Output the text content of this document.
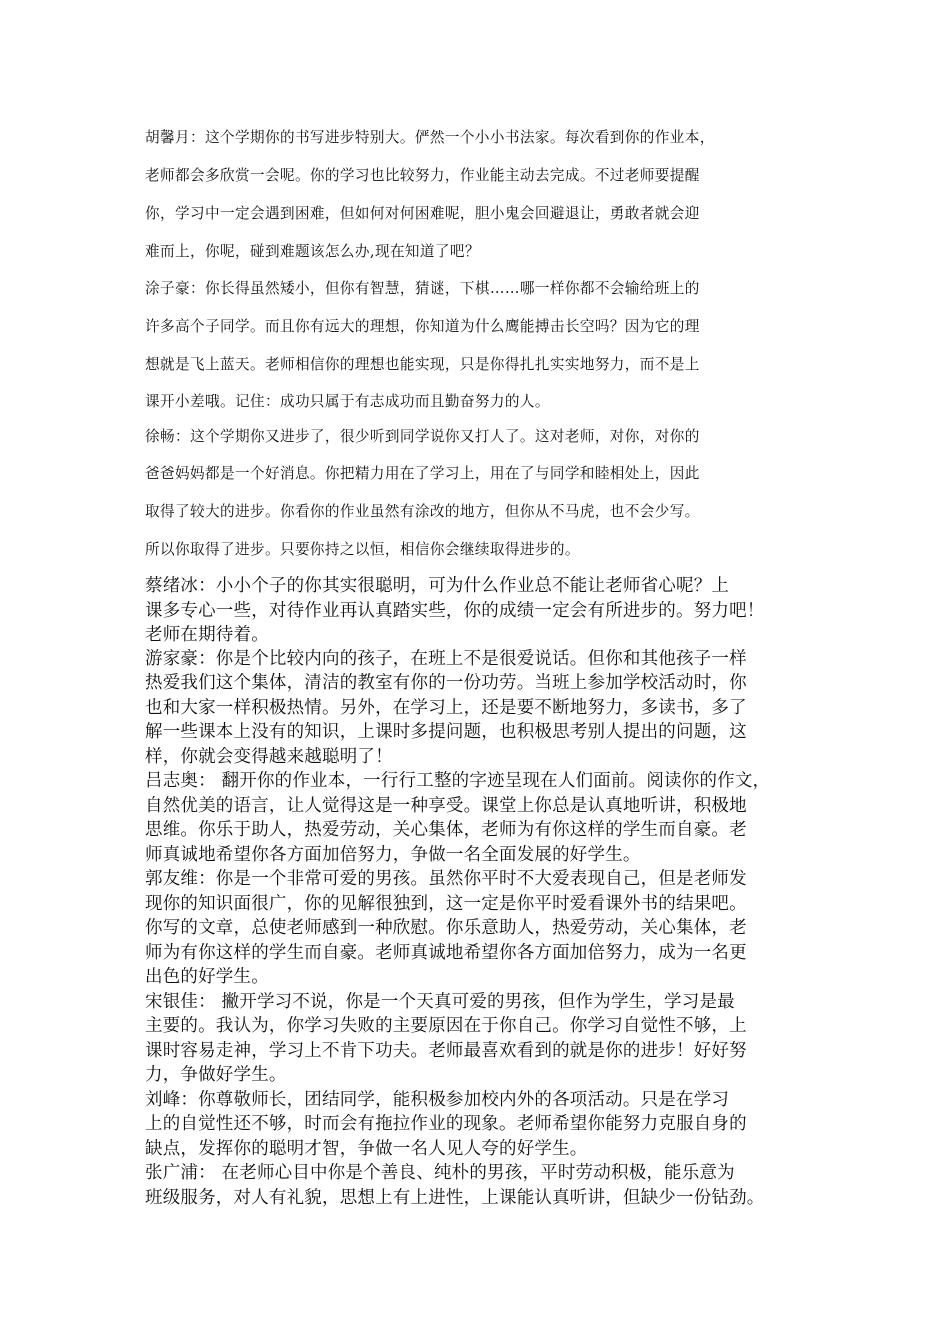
胡馨月：这个学期你的书写进步特别大。俨然一个小小书法家。每次看到你的作业本，

老师都会多欣赏一会呢。你的学习也比较努力，作业能主动去完成。不过老师要提醒

你，学习中一定会遇到困难，但如何对何困难呢，胆小鬼会回避退让，勇敢者就会迎

难而上，你呢，碰到难题该怎么办,现在知道了吧？

涂子豪：你长得虽然矮小，但你有智慧，猜谜，下棋……哪一样你都不会输给班上的

许多高个子同学。而且你有远大的理想，你知道为什么鹰能搏击长空吗？因为它的理

想就是飞上蓝天。老师相信你的理想也能实现，只是你得扎扎实实地努力，而不是上

课开小差哦。记住：成功只属于有志成功而且勤奋努力的人。

徐畅：这个学期你又进步了，很少听到同学说你又打人了。这对老师，对你，对你的

爸爸妈妈都是一个好消息。你把精力用在了学习上，用在了与同学和睦相处上，因此

取得了较大的进步。你看你的作业虽然有涂改的地方，但你从不马虎，也不会少写。

所以你取得了进步。只要你持之以恒，相信你会继续取得进步的。

蔡绪冰：小小个子的你其实很聪明，可为什么作业总不能让老师省心呢？上

课多专心一些，对待作业再认真踏实些，你的成绩一定会有所进步的。努力吧！

老师在期待着。

游家豪：你是个比较内向的孩子，在班上不是很爱说话。但你和其他孩子一样

热爱我们这个集体，清洁的教室有你的一份功劳。当班上参加学校活动时，你

也和大家一样积极热情。另外，在学习上，还是要不断地努力，多读书，多了

解一些课本上没有的知识，上课时多提问题，也积极思考别人提出的问题，这

样，你就会变得越来越聪明了！

吕志奥： 翻开你的作业本，一行行工整的字迹呈现在人们面前。阅读你的作文，

自然优美的语言，让人觉得这是一种享受。课堂上你总是认真地听讲，积极地

思维。你乐于助人，热爱劳动，关心集体，老师为有你这样的学生而自豪。老

师真诚地希望你各方面加倍努力，争做一名全面发展的好学生。

郭友维：你是一个非常可爱的男孩。虽然你平时不大爱表现自己，但是老师发

现你的知识面很广，你的见解很独到，这一定是你平时爱看课外书的结果吧。

你写的文章，总使老师感到一种欣慰。你乐意助人，热爱劳动，关心集体，老

师为有你这样的学生而自豪。老师真诚地希望你各方面加倍努力，成为一名更

出色的好学生。

宋银佳： 撇开学习不说，你是一个天真可爱的男孩，但作为学生，学习是最

主要的。我认为，你学习失败的主要原因在于你自己。你学习自觉性不够，上

课时容易走神，学习上不肯下功夫。老师最喜欢看到的就是你的进步！好好努

力，争做好学生。

刘峰：你尊敬师长，团结同学，能积极参加校内外的各项活动。只是在学习

上的自觉性还不够，时而会有拖拉作业的现象。老师希望你能努力克服自身的

缺点，发挥你的聪明才智，争做一名人见人夸的好学生。

张广浦： 在老师心目中你是个善良、纯朴的男孩，平时劳动积极，能乐意为

班级服务，对人有礼貌，思想上有上进性，上课能认真听讲，但缺少一份钻劲。
